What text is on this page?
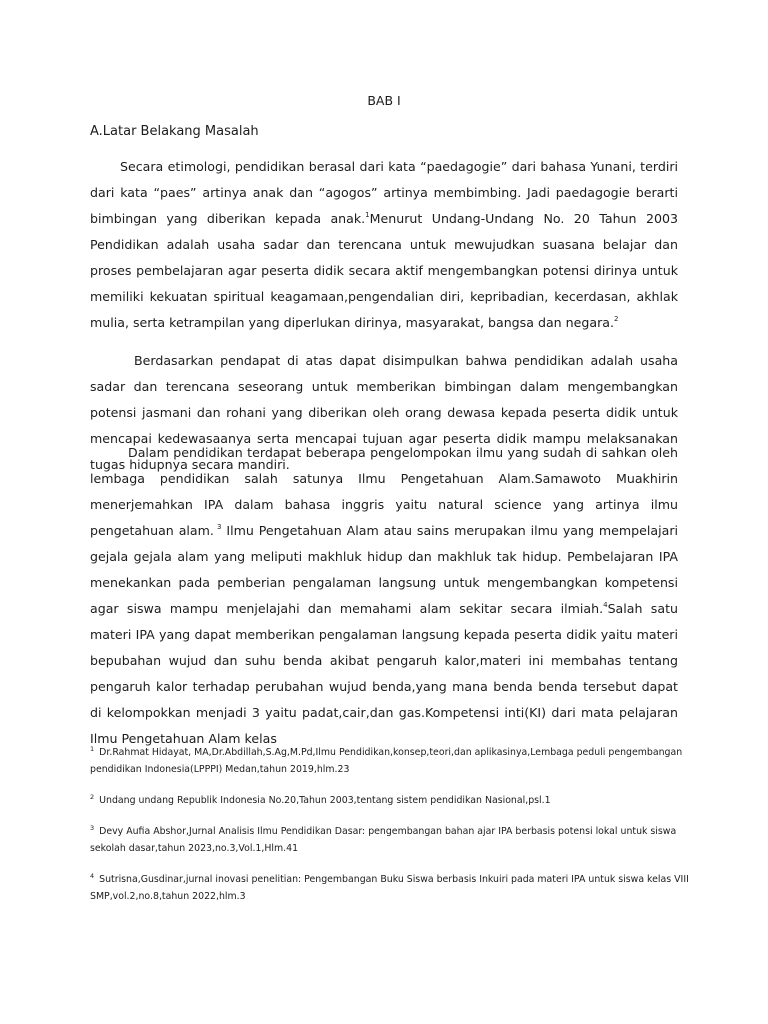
BAB I

A.Latar Belakang Masalah

Secara etimologi, pendidikan berasal dari kata “paedagogie” dari bahasa Yunani, terdiri dari kata “paes” artinya anak dan “agogos” artinya membimbing. Jadi paedagogie berarti bimbingan yang diberikan kepada anak.$^1$Menurut Undang-Undang No. 20 Tahun 2003 Pendidikan adalah usaha sadar dan terencana untuk mewujudkan suasana belajar dan proses pembelajaran agar peserta didik secara aktif mengembangkan potensi dirinya untuk memiliki kekuatan spiritual keagamaan,pengendalian diri, kepribadian, kecerdasan, akhlak mulia, serta ketrampilan yang diperlukan dirinya, masyarakat, bangsa dan negara.$^2$

Berdasarkan pendapat di atas dapat disimpulkan bahwa pendidikan adalah usaha sadar dan terencana seseorang untuk memberikan bimbingan dalam mengembangkan potensi jasmani dan rohani yang diberikan oleh orang dewasa kepada peserta didik untuk mencapai kedewasaanya serta mencapai tujuan agar peserta didik mampu melaksanakan tugas hidupnya secara mandiri.

Dalam pendidikan terdapat beberapa pengelompokan ilmu yang sudah di sahkan oleh lembaga pendidikan salah satunya Ilmu Pengetahuan Alam.Samawoto Muakhirin menerjemahkan IPA dalam bahasa inggris yaitu natural science yang artinya ilmu pengetahuan alam. $^3$ Ilmu Pengetahuan Alam atau sains merupakan ilmu yang mempelajari gejala gejala alam yang meliputi makhluk hidup dan makhluk tak hidup. Pembelajaran IPA menekankan pada pemberian pengalaman langsung untuk mengembangkan kompetensi agar siswa mampu menjelajahi dan memahami alam sekitar secara ilmiah.$^4$Salah satu materi IPA yang dapat memberikan pengalaman langsung kepada peserta didik yaitu materi bepubahan wujud dan suhu benda akibat pengaruh kalor,materi ini membahas tentang pengaruh kalor terhadap perubahan wujud benda,yang mana benda benda tersebut dapat di kelompokkan menjadi 3 yaitu padat,cair,dan gas.Kompetensi inti(KI) dari mata pelajaran Ilmu Pengetahuan Alam kelas

$^1$ Dr.Rahmat Hidayat, MA,Dr.Abdillah,S.Ag,M.Pd,Ilmu Pendidikan,konsep,teori,dan aplikasinya,Lembaga peduli pengembangan pendidikan Indonesia(LPPPI) Medan,tahun 2019,hlm.23

$^2$ Undang undang Republik Indonesia No.20,Tahun 2003,tentang sistem pendidikan Nasional,psl.1

$^3$ Devy Aufia Abshor,Jurnal Analisis Ilmu Pendidikan Dasar: pengembangan bahan ajar IPA berbasis potensi lokal untuk siswa sekolah dasar,tahun 2023,no.3,Vol.1,Hlm.41

$^4$ Sutrisna,Gusdinar,jurnal inovasi penelitian: Pengembangan Buku Siswa berbasis Inkuiri pada materi IPA untuk siswa kelas VIII SMP,vol.2,no.8,tahun 2022,hlm.3
